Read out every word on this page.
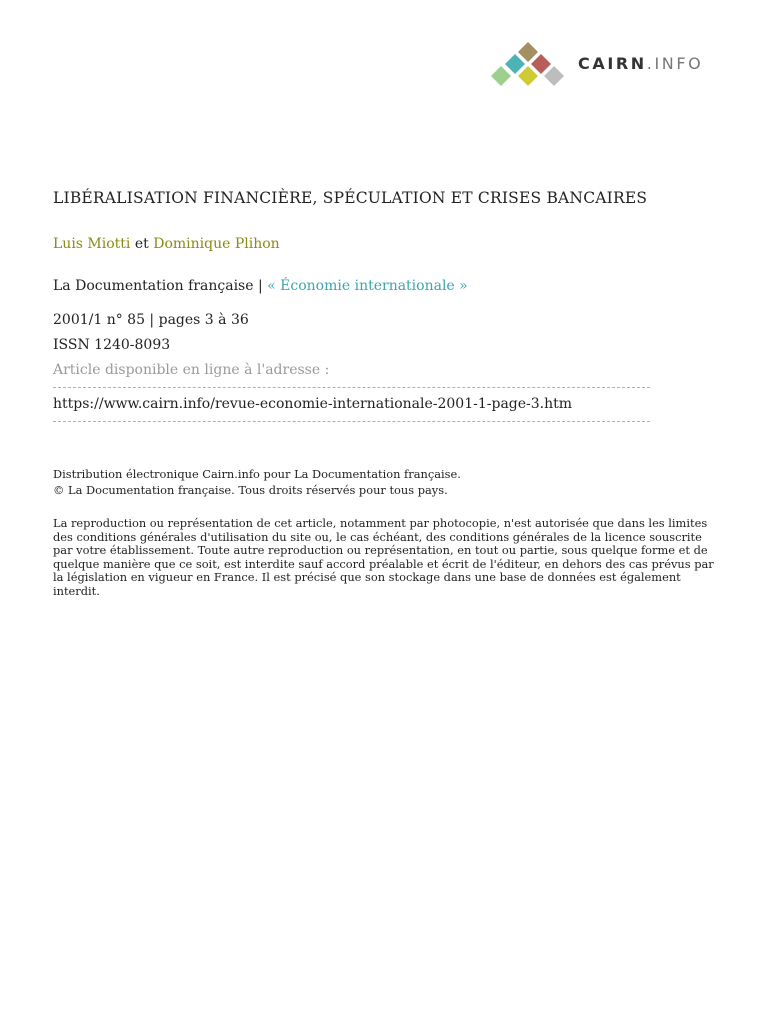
CAIRN.INFO
LIBÉRALISATION FINANCIÈRE, SPÉCULATION ET CRISES BANCAIRES
Luis Miotti et Dominique Plihon
La Documentation française | « Économie internationale »
2001/1 n° 85 | pages 3 à 36
ISSN 1240-8093
Article disponible en ligne à l'adresse :
https://www.cairn.info/revue-economie-internationale-2001-1-page-3.htm
Distribution électronique Cairn.info pour La Documentation française.
© La Documentation française. Tous droits réservés pour tous pays.
La reproduction ou représentation de cet article, notamment par photocopie, n'est autorisée que dans les limites des conditions générales d'utilisation du site ou, le cas échéant, des conditions générales de la licence souscrite par votre établissement. Toute autre reproduction ou représentation, en tout ou partie, sous quelque forme et de quelque manière que ce soit, est interdite sauf accord préalable et écrit de l'éditeur, en dehors des cas prévus par la législation en vigueur en France. Il est précisé que son stockage dans une base de données est également interdit.
